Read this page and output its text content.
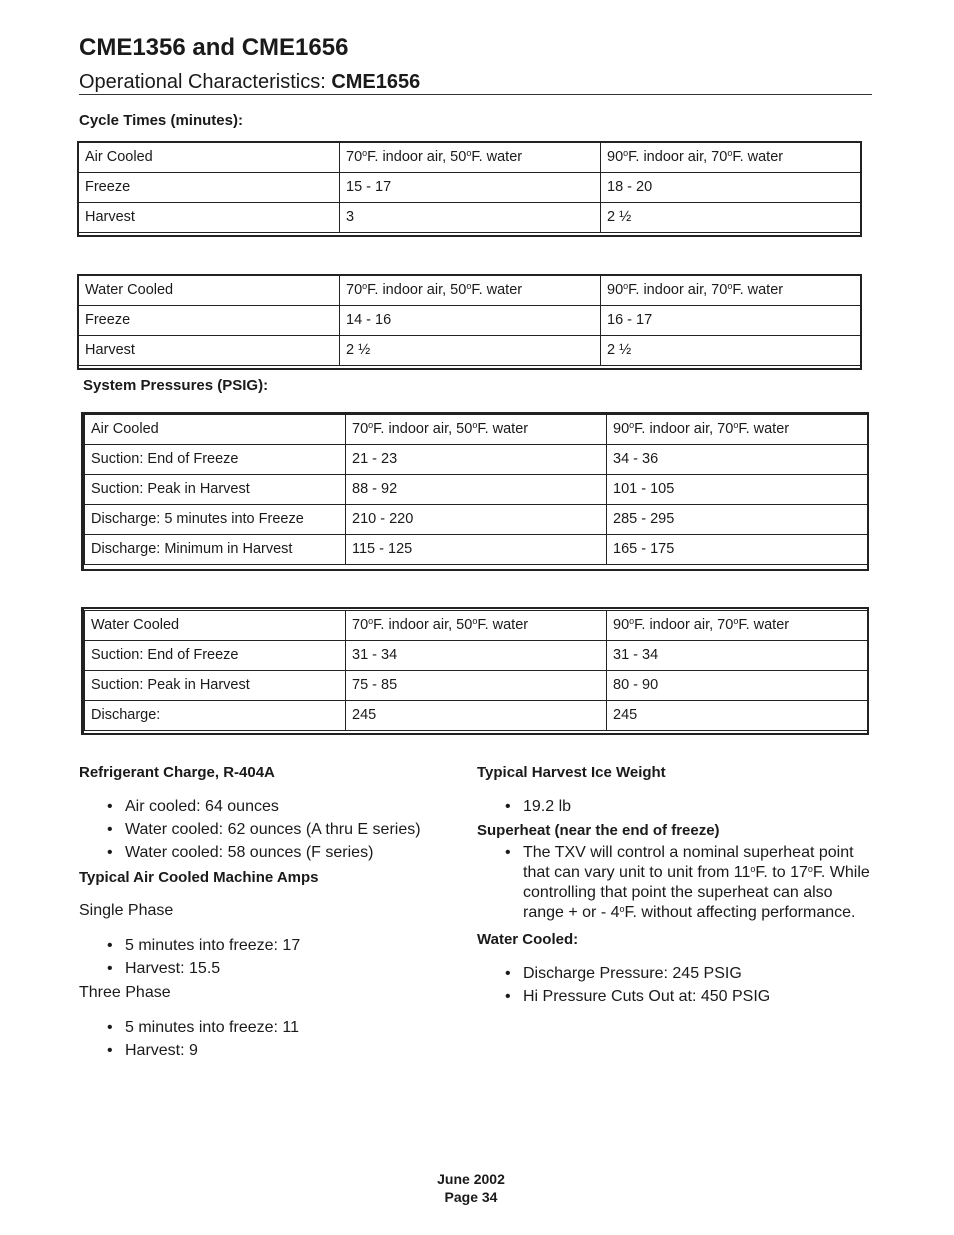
CME1356 and CME1656
Operational Characteristics: CME1656
Cycle Times (minutes):
Air Cooled	70$^o$F. indoor air, 50$^o$F. water	90$^o$F. indoor air, 70$^o$F. water
Freeze	15 - 17	18 - 20
Harvest	3	2 ½
Water Cooled	70$^o$F. indoor air, 50$^o$F. water	90$^o$F. indoor air, 70$^o$F. water
Freeze	14 - 16	16 - 17
Harvest	2 ½	2 ½
System Pressures (PSIG):
Air Cooled	70$^o$F. indoor air, 50$^o$F. water	90$^o$F. indoor air, 70$^o$F. water
Suction: End of Freeze	21 - 23	34 - 36
Suction: Peak in Harvest	88 - 92	101 - 105
Discharge: 5 minutes into Freeze	210 - 220	285 - 295
Discharge: Minimum in Harvest	115 - 125	165 - 175
Water Cooled	70$^o$F. indoor air, 50$^o$F. water	90$^o$F. indoor air, 70$^o$F. water
Suction: End of Freeze	31 - 34	31 - 34
Suction: Peak in Harvest	75 - 85	80 - 90
Discharge:	245	245
Refrigerant Charge, R-404A
• Air cooled: 64 ounces
• Water cooled: 62 ounces (A thru E series)
• Water cooled: 58 ounces (F series)
Typical Air Cooled Machine Amps
Single Phase
• 5 minutes into freeze: 17
• Harvest: 15.5
Three Phase
• 5 minutes into freeze: 11
• Harvest: 9
Typical Harvest Ice Weight
• 19.2 lb
Superheat (near the end of freeze)
• The TXV will control a nominal superheat point that can vary unit to unit from 11$^o$F. to 17$^o$F. While controlling that point the superheat can also range + or - 4$^o$F. without affecting performance.
Water Cooled:
• Discharge Pressure: 245 PSIG
• Hi Pressure Cuts Out at: 450 PSIG
June 2002
Page 34
